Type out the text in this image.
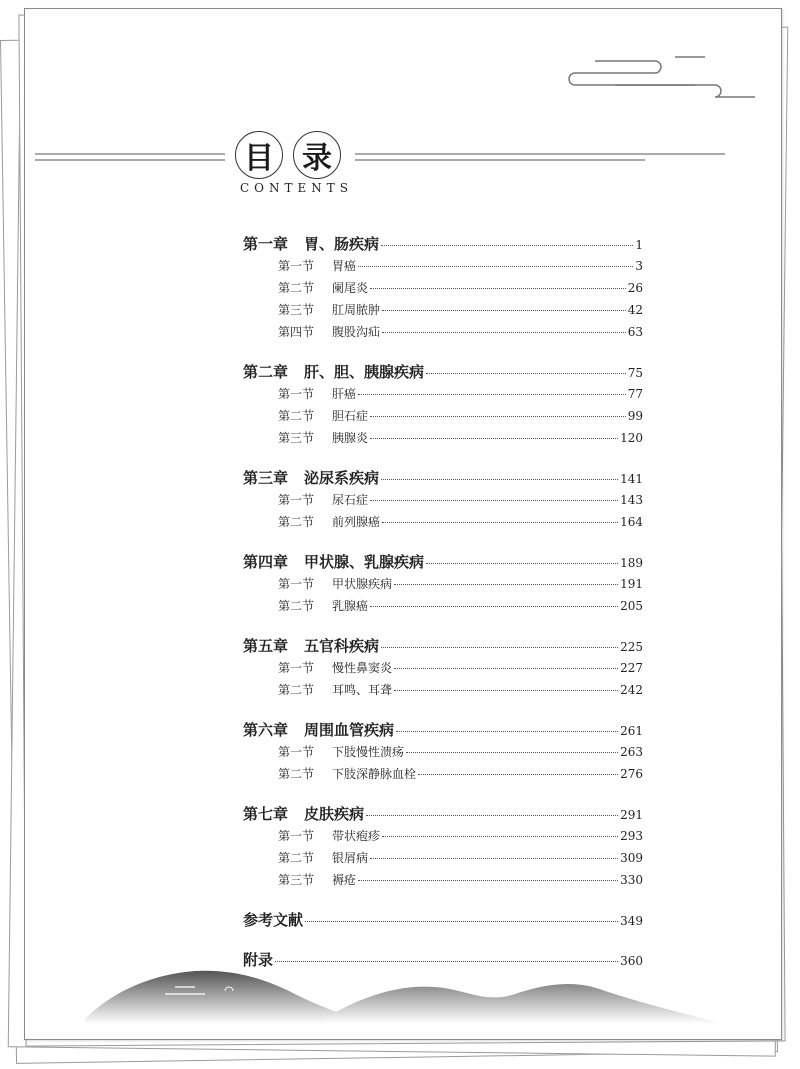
目 录
CONTENTS
第一章 胃、肠疾病	1
第一节 胃癌	3
第二节 阑尾炎	26
第三节 肛周脓肿	42
第四节 腹股沟疝	63
第二章 肝、胆、胰腺疾病	75
第一节 肝癌	77
第二节 胆石症	99
第三节 胰腺炎	120
第三章 泌尿系疾病	141
第一节 尿石症	143
第二节 前列腺癌	164
第四章 甲状腺、乳腺疾病	189
第一节 甲状腺疾病	191
第二节 乳腺癌	205
第五章 五官科疾病	225
第一节 慢性鼻窦炎	227
第二节 耳鸣、耳聋	242
第六章 周围血管疾病	261
第一节 下肢慢性溃疡	263
第二节 下肢深静脉血栓	276
第七章 皮肤疾病	291
第一节 带状疱疹	293
第二节 银屑病	309
第三节 褥疮	330
参考文献	349
附录	360
